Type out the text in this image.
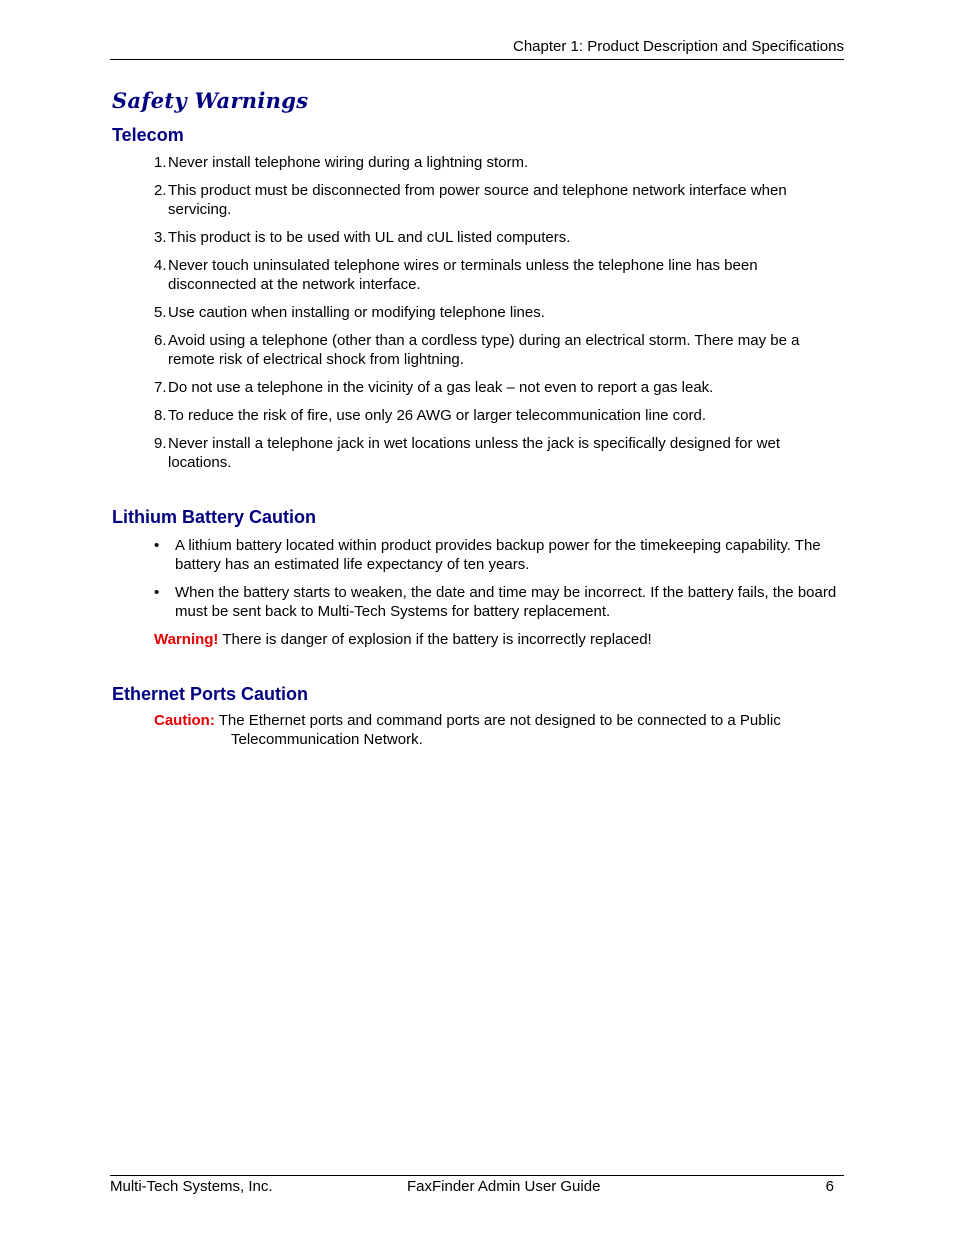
Chapter 1: Product Description and Specifications
Safety Warnings
Telecom
1. Never install telephone wiring during a lightning storm.
2. This product must be disconnected from power source and telephone network interface when servicing.
3. This product is to be used with UL and cUL listed computers.
4. Never touch uninsulated telephone wires or terminals unless the telephone line has been disconnected at the network interface.
5. Use caution when installing or modifying telephone lines.
6. Avoid using a telephone (other than a cordless type) during an electrical storm. There may be a remote risk of electrical shock from lightning.
7. Do not use a telephone in the vicinity of a gas leak – not even to report a gas leak.
8. To reduce the risk of fire, use only 26 AWG or larger telecommunication line cord.
9. Never install a telephone jack in wet locations unless the jack is specifically designed for wet locations.
Lithium Battery Caution
• A lithium battery located within product provides backup power for the timekeeping capability. The battery has an estimated life expectancy of ten years.
• When the battery starts to weaken, the date and time may be incorrect. If the battery fails, the board must be sent back to Multi-Tech Systems for battery replacement.
Warning! There is danger of explosion if the battery is incorrectly replaced!
Ethernet Ports Caution
Caution: The Ethernet ports and command ports are not designed to be connected to a Public Telecommunication Network.
Multi-Tech Systems, Inc.	FaxFinder Admin User Guide	6
